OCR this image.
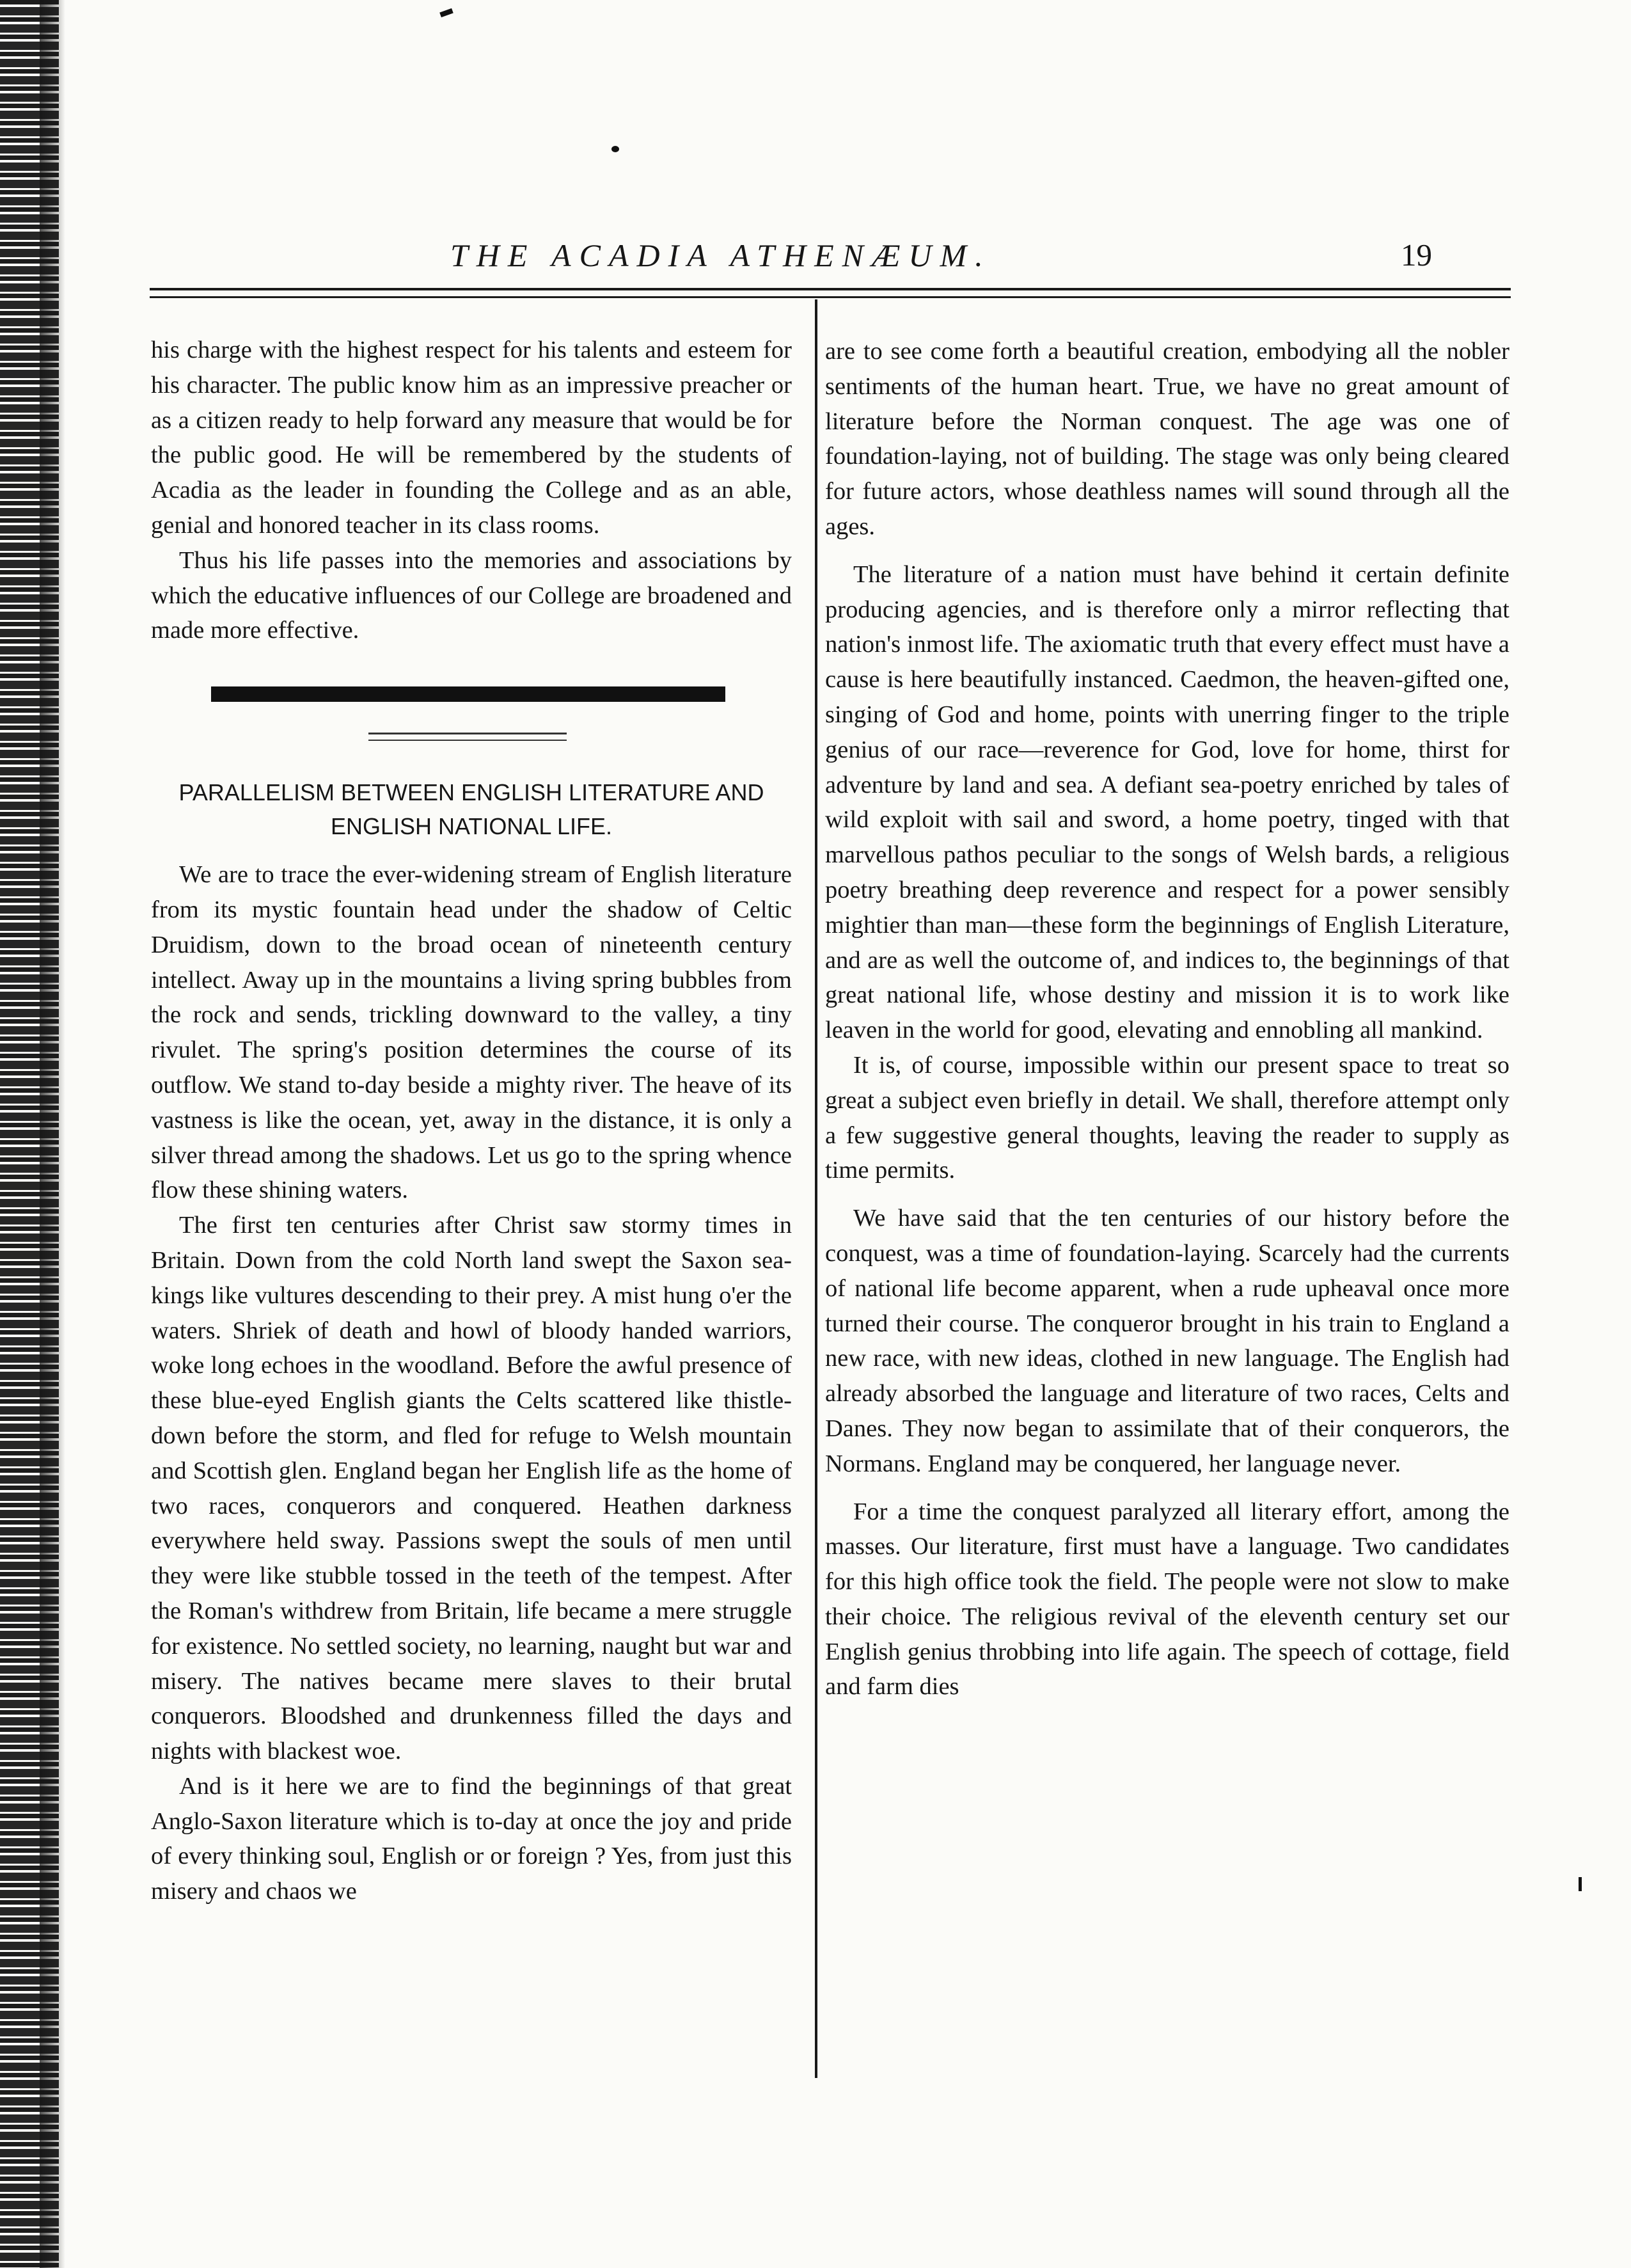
THE ACADIA ATHENÆUM.	19

his charge with the highest respect for his talents and esteem for his character. The public know him as an impressive preacher or as a citizen ready to help forward any measure that would be for the public good. He will be remembered by the students of Acadia as the leader in founding the College and as an able, genial and honored teacher in its class rooms.

Thus his life passes into the memories and associations by which the educative influences of our College are broadened and made more effective.

PARALLELISM BETWEEN ENGLISH LITERATURE AND
ENGLISH NATIONAL LIFE.

We are to trace the ever-widening stream of English literature from its mystic fountain head under the shadow of Celtic Druidism, down to the broad ocean of nineteenth century intellect. Away up in the mountains a living spring bubbles from the rock and sends, trickling downward to the valley, a tiny rivulet. The spring's position determines the course of its outflow. We stand to-day beside a mighty river. The heave of its vastness is like the ocean, yet, away in the distance, it is only a silver thread among the shadows. Let us go to the spring whence flow these shining waters.

The first ten centuries after Christ saw stormy times in Britain. Down from the cold North land swept the Saxon sea-kings like vultures descending to their prey. A mist hung o'er the waters. Shriek of death and howl of bloody handed warriors, woke long echoes in the woodland. Before the awful presence of these blue-eyed English giants the Celts scattered like thistle-down before the storm, and fled for refuge to Welsh mountain and Scottish glen. England began her English life as the home of two races, conquerors and conquered. Heathen darkness everywhere held sway. Passions swept the souls of men until they were like stubble tossed in the teeth of the tempest. After the Roman's withdrew from Britain, life became a mere struggle for existence. No settled society, no learning, naught but war and misery. The natives became mere slaves to their brutal conquerors. Bloodshed and drunkenness filled the days and nights with blackest woe.

And is it here we are to find the beginnings of that great Anglo-Saxon literature which is to-day at once the joy and pride of every thinking soul, English or or foreign ? Yes, from just this misery and chaos we

are to see come forth a beautiful creation, embodying all the nobler sentiments of the human heart. True, we have no great amount of literature before the Norman conquest. The age was one of foundation-laying, not of building. The stage was only being cleared for future actors, whose deathless names will sound through all the ages.

The literature of a nation must have behind it certain definite producing agencies, and is therefore only a mirror reflecting that nation's inmost life. The axiomatic truth that every effect must have a cause is here beautifully instanced. Caedmon, the heaven-gifted one, singing of God and home, points with unerring finger to the triple genius of our race—reverence for God, love for home, thirst for adventure by land and sea. A defiant sea-poetry enriched by tales of wild exploit with sail and sword, a home poetry, tinged with that marvellous pathos peculiar to the songs of Welsh bards, a religious poetry breathing deep reverence and respect for a power sensibly mightier than man—these form the beginnings of English Literature, and are as well the outcome of, and indices to, the beginnings of that great national life, whose destiny and mission it is to work like leaven in the world for good, elevating and ennobling all mankind.

It is, of course, impossible within our present space to treat so great a subject even briefly in detail. We shall, therefore attempt only a few suggestive general thoughts, leaving the reader to supply as time permits.

We have said that the ten centuries of our history before the conquest, was a time of foundation-laying. Scarcely had the currents of national life become apparent, when a rude upheaval once more turned their course. The conqueror brought in his train to England a new race, with new ideas, clothed in new language. The English had already absorbed the language and literature of two races, Celts and Danes. They now began to assimilate that of their conquerors, the Normans. England may be conquered, her language never.

For a time the conquest paralyzed all literary effort, among the masses. Our literature, first must have a language. Two candidates for this high office took the field. The people were not slow to make their choice. The religious revival of the eleventh century set our English genius throbbing into life again. The speech of cottage, field and farm dies
